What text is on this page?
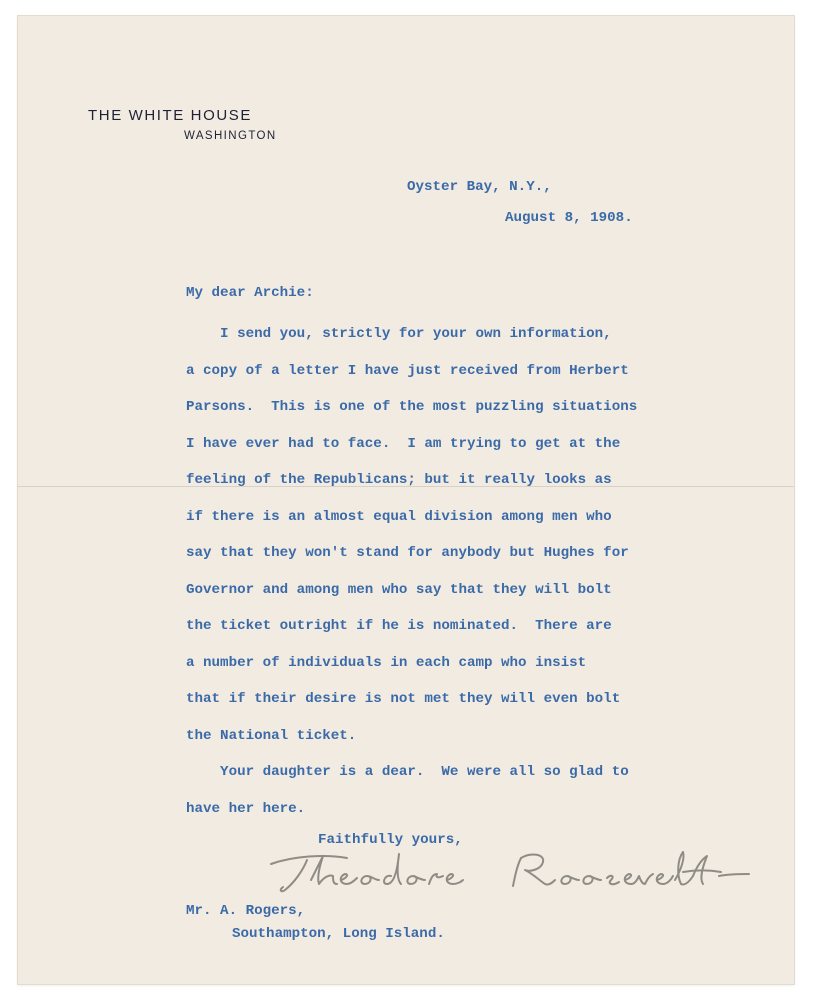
THE WHITE HOUSE
WASHINGTON

Oyster Bay, N.Y.,

August 8, 1908.

My dear Archie:

I send you, strictly for your own information,
a copy of a letter I have just received from Herbert
Parsons.  This is one of the most puzzling situations
I have ever had to face.  I am trying to get at the
feeling of the Republicans; but it really looks as
if there is an almost equal division among men who
say that they won't stand for anybody but Hughes for
Governor and among men who say that they will bolt
the ticket outright if he is nominated.  There are
a number of individuals in each camp who insist
that if their desire is not met they will even bolt
the National ticket.
Your daughter is a dear.  We were all so glad to
have her here.

Faithfully yours,

Mr. A. Rogers,

Southampton, Long Island.
